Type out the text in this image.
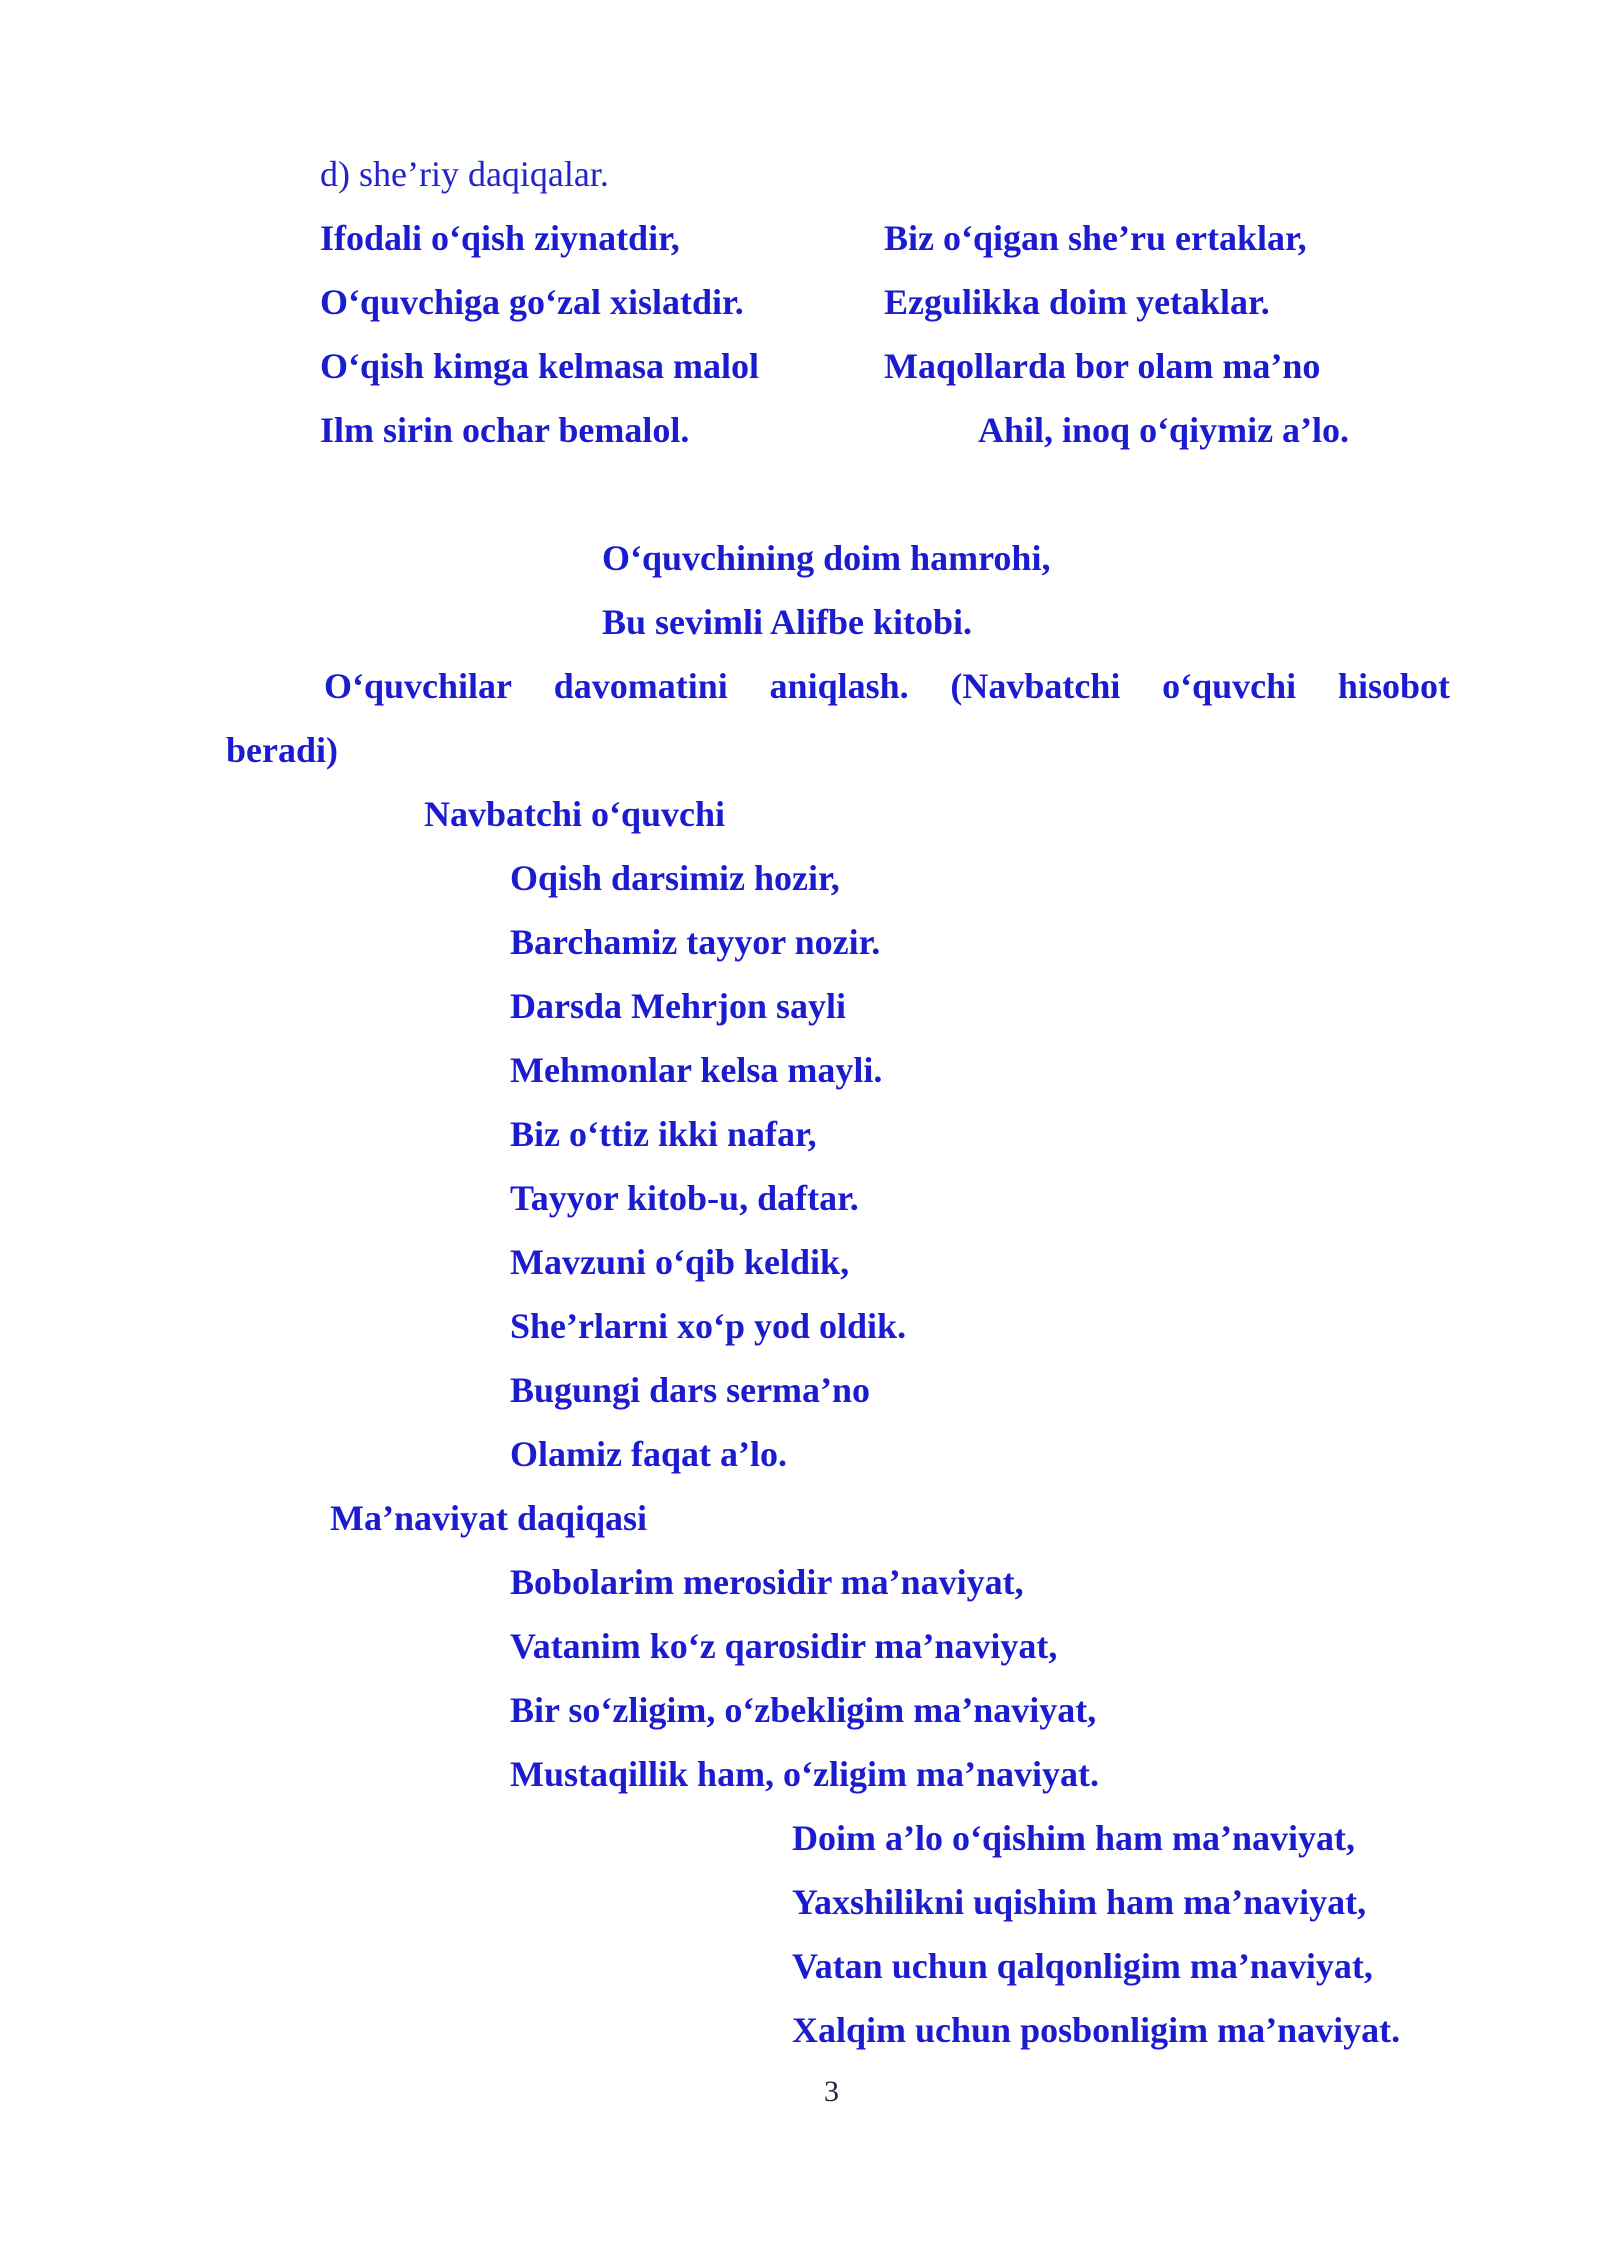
d) she’riy daqiqalar.
Ifodali o‘qish ziynatdir,
O‘quvchiga go‘zal xislatdir.
O‘qish kimga kelmasa malol
Ilm sirin ochar bemalol.
Biz o‘qigan she’ru ertaklar,
Ezgulikka doim yetaklar.
Maqollarda bor olam ma’no
Ahil, inoq o‘qiymiz a’lo.
O‘quvchining doim hamrohi,
Bu sevimli Alifbe kitobi.
O‘quvchilar davomatini aniqlash. (Navbatchi o‘quvchi hisobot
beradi)
Navbatchi o‘quvchi
Oqish darsimiz hozir,
Barchamiz tayyor nozir.
Darsda Mehrjon sayli
Mehmonlar kelsa mayli.
Biz o‘ttiz ikki nafar,
Tayyor kitob-u, daftar.
Mavzuni o‘qib keldik,
She’rlarni xo‘p yod oldik.
Bugungi dars serma’no
Olamiz faqat a’lo.
Ma’naviyat daqiqasi
Bobolarim merosidir ma’naviyat,
Vatanim ko‘z qarosidir ma’naviyat,
Bir so‘zligim, o‘zbekligim ma’naviyat,
Mustaqillik ham, o‘zligim ma’naviyat.
Doim a’lo o‘qishim ham ma’naviyat,
Yaxshilikni uqishim ham ma’naviyat,
Vatan uchun qalqonligim ma’naviyat,
Xalqim uchun posbonligim ma’naviyat.
3
